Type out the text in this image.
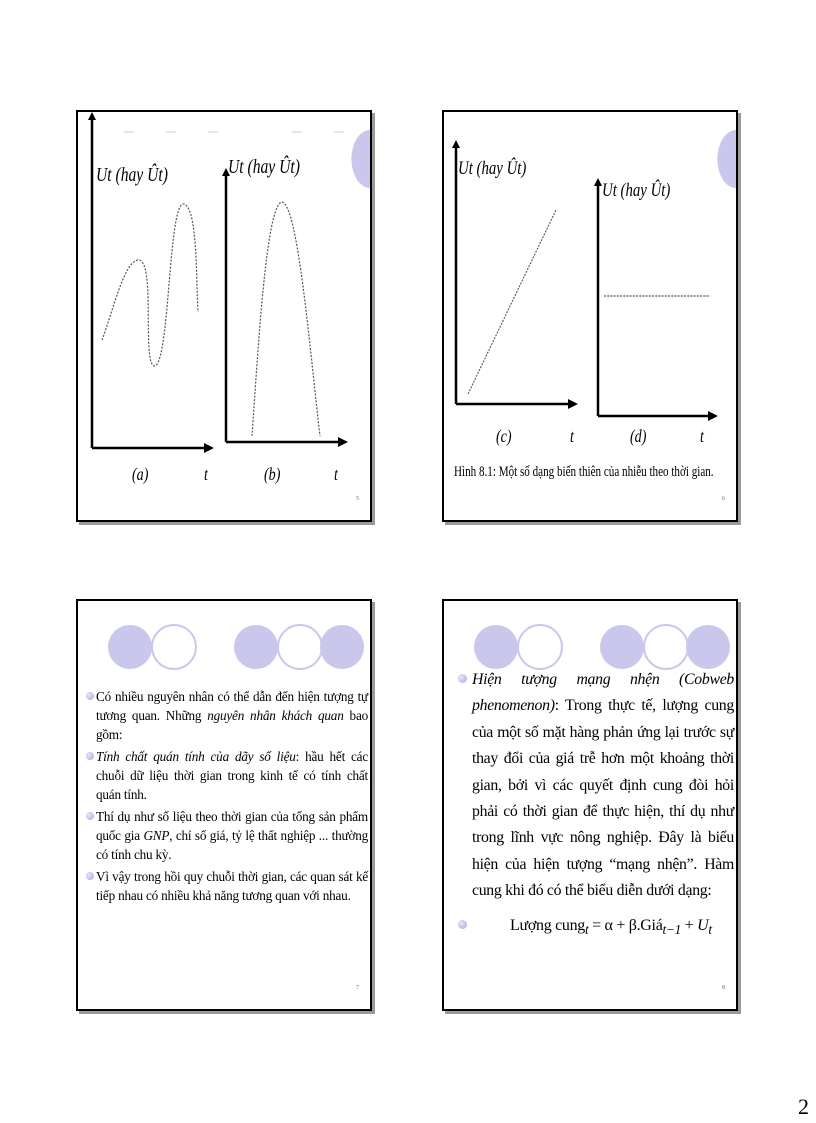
Ut (hay Ût)	Ut (hay Ût)
(a)	t	(b)	t
5
Ut (hay Ût)
Ut (hay Ût)
(c)	t	(d)	t
Hình 8.1: Một số dạng biến thiên của nhiễu theo thời gian.
6
Có nhiều nguyên nhân có thể dẫn đến hiện tượng tự tương quan. Những nguyên nhân khách quan bao gồm:
Tính chất quán tính của dãy số liệu: hầu hết các chuỗi dữ liệu thời gian trong kinh tế có tính chất quán tính.
Thí dụ như số liệu theo thời gian của tổng sản phẩm quốc gia GNP, chỉ số giá, tỷ lệ thất nghiệp ... thường có tính chu kỳ.
Vì vậy trong hồi quy chuỗi thời gian, các quan sát kế tiếp nhau có nhiều khả năng tương quan với nhau.
7
Hiện tượng mạng nhện (Cobweb phenomenon): Trong thực tế, lượng cung của một số mặt hàng phản ứng lại trước sự thay đổi của giá trễ hơn một khoảng thời gian, bởi vì các quyết định cung đòi hỏi phải có thời gian để thực hiện, thí dụ như trong lĩnh vực nông nghiệp. Đây là biểu hiện của hiện tượng “mạng nhện”. Hàm cung khi đó có thể biểu diễn dưới dạng:
Lượng cung$_t$ = α + β.Giá$_{t-1}$ + $U_t$
8
2
